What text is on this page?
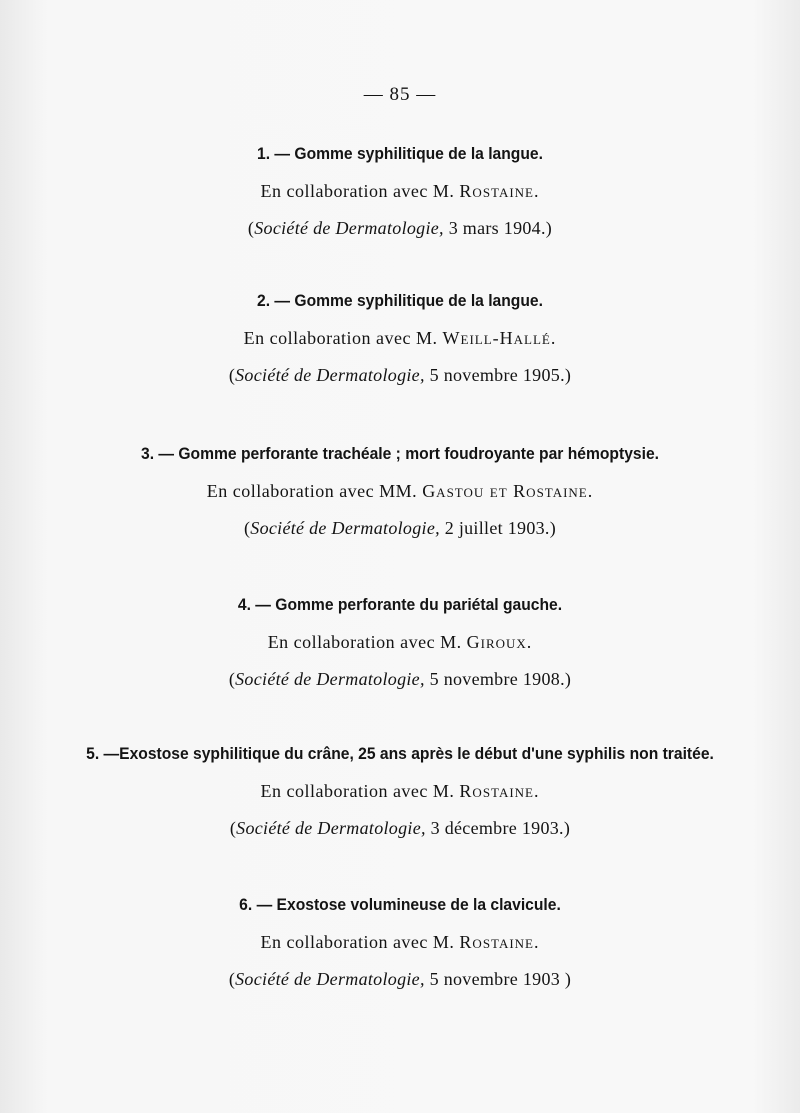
— 85 —

1. — Gomme syphilitique de la langue.

En collaboration avec M. Rostaine.
(Société de Dermatologie, 3 mars 1904.)

2. — Gomme syphilitique de la langue.

En collaboration avec M. Weill-Hallé.
(Société de Dermatologie, 5 novembre 1905.)

3. — Gomme perforante trachéale ; mort foudroyante par hémoptysie.

En collaboration avec MM. Gastou et Rostaine.
(Société de Dermatologie, 2 juillet 1903.)

4. — Gomme perforante du pariétal gauche.

En collaboration avec M. Giroux.
(Société de Dermatologie, 5 novembre 1908.)

5. —Exostose syphilitique du crâne, 25 ans après le début d'une syphilis non traitée.

En collaboration avec M. Rostaine.
(Société de Dermatologie, 3 décembre 1903.)

6. — Exostose volumineuse de la clavicule.

En collaboration avec M. Rostaine.
(Société de Dermatologie, 5 novembre 1903 )
